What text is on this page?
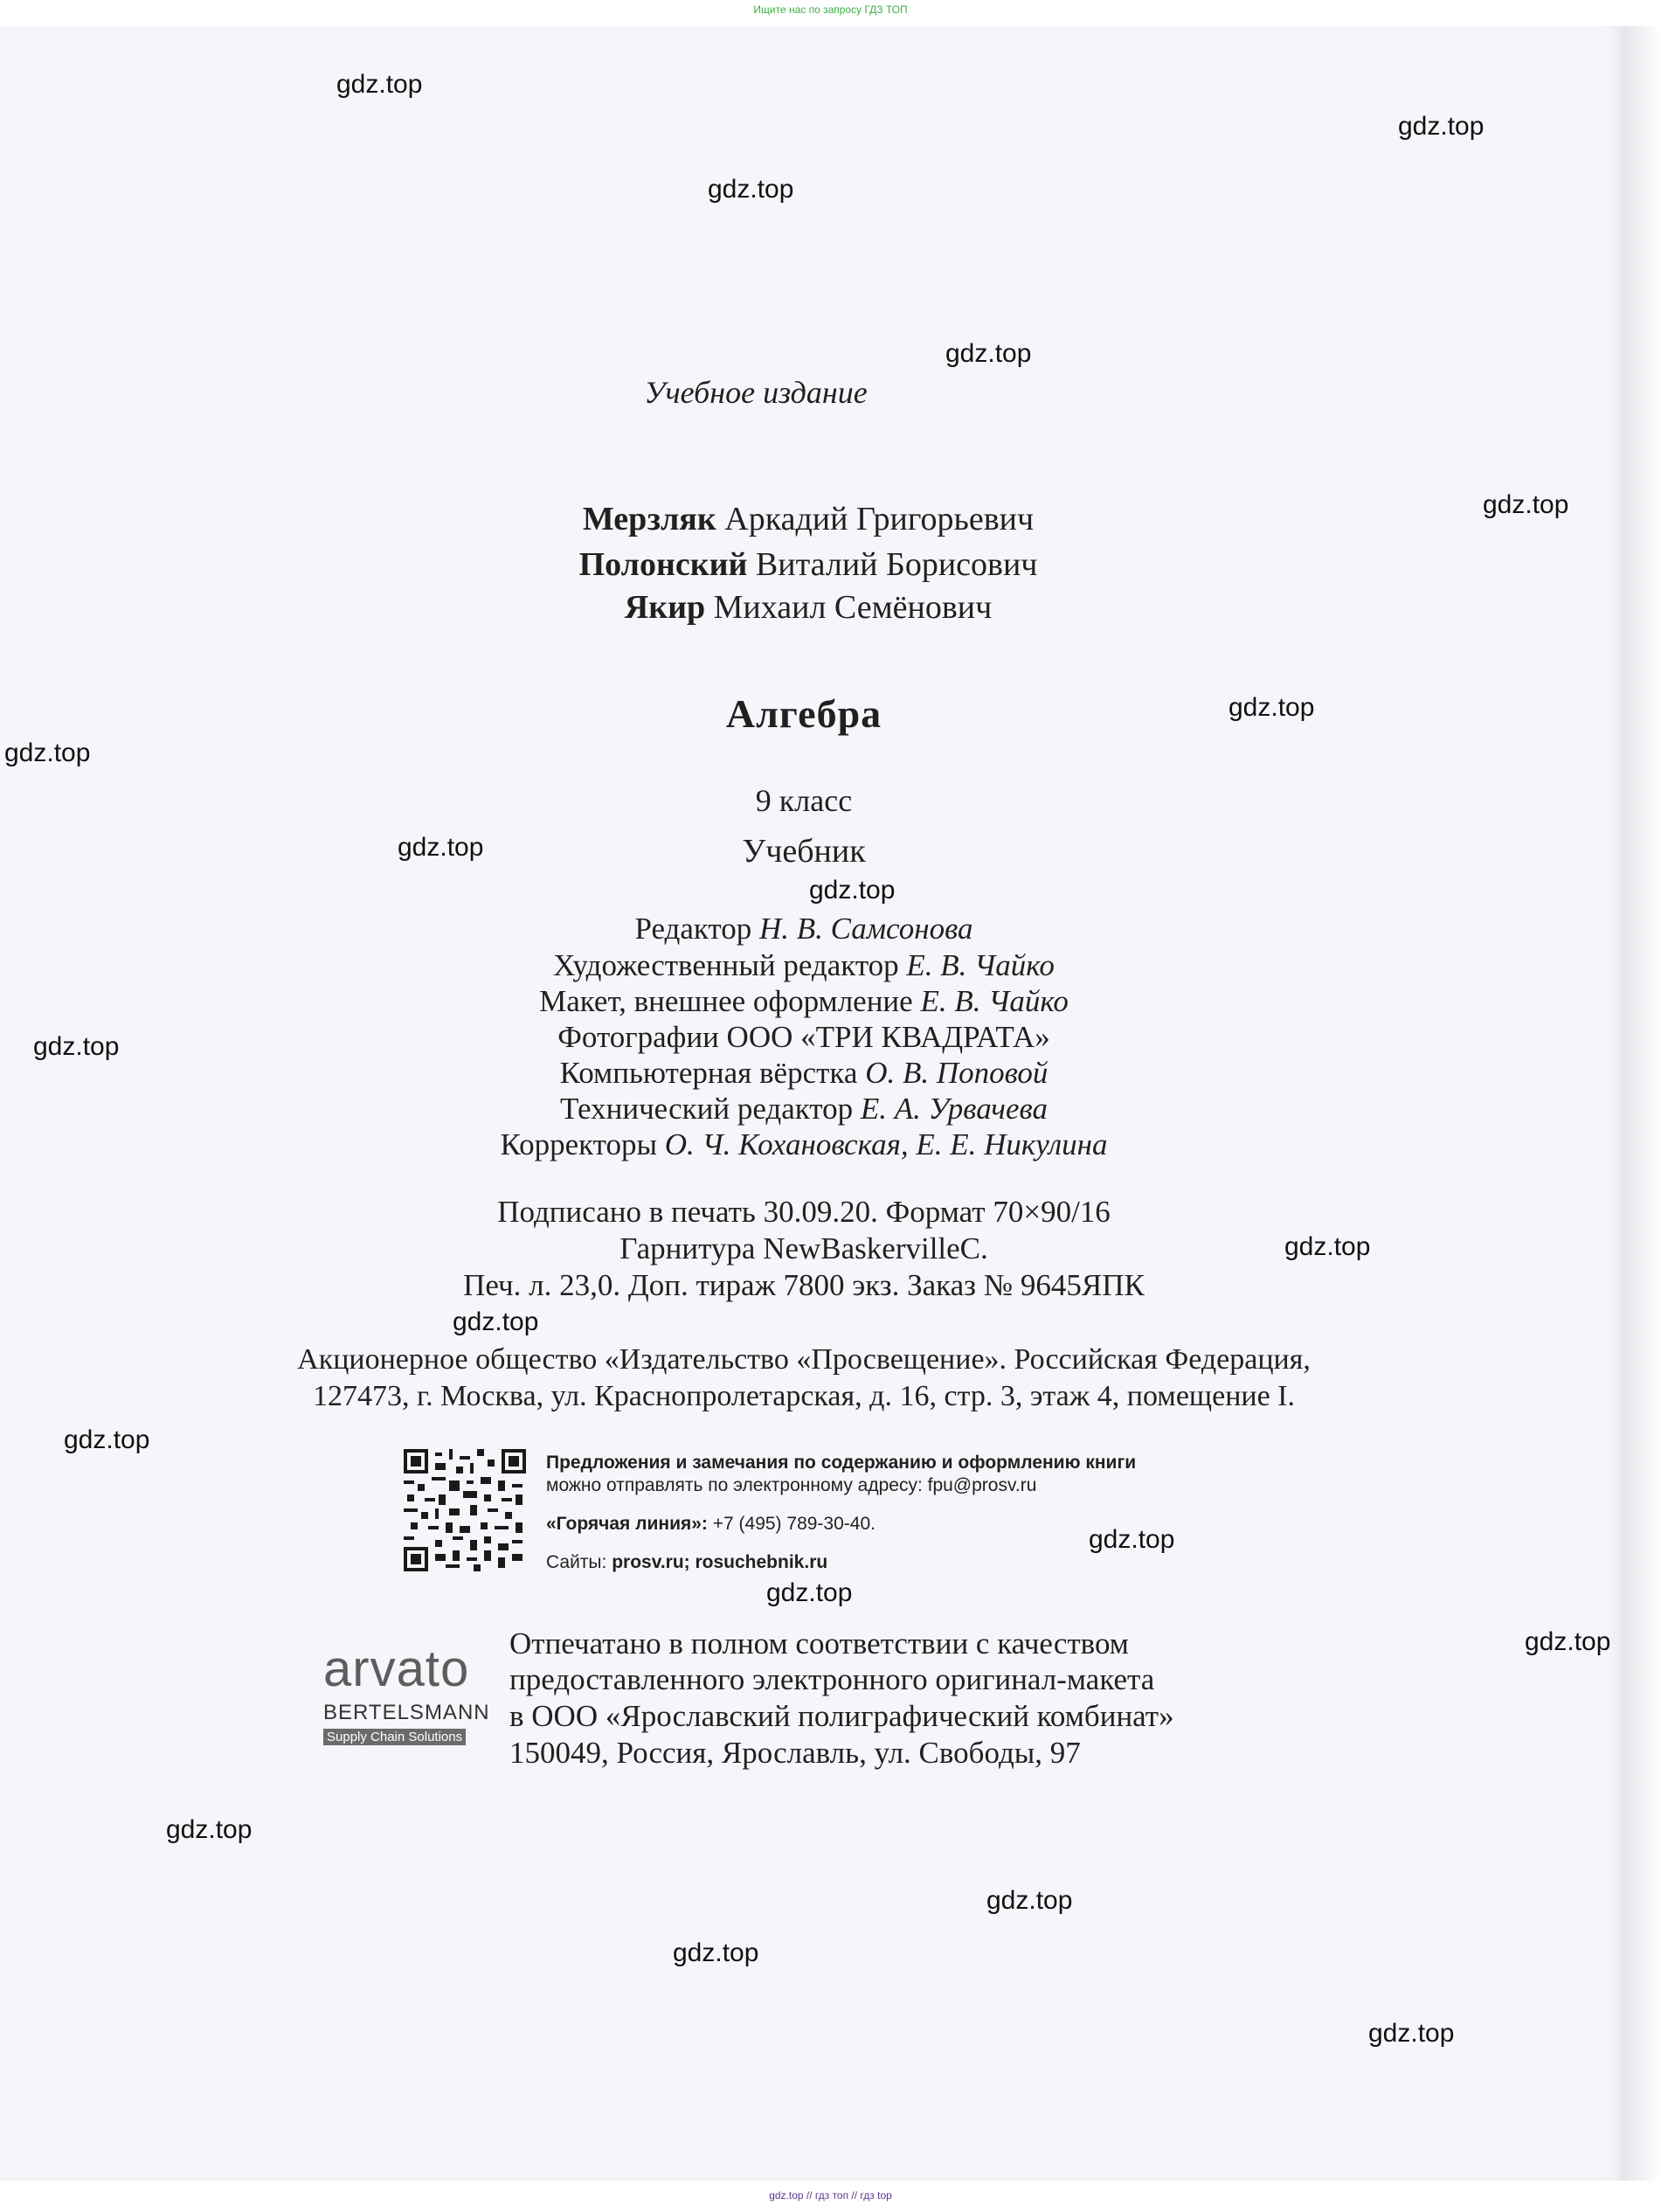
Ищите нас по запросу ГДЗ ТОП
gdz.top // гдз топ // гдз top
gdz.top
gdz.top
gdz.top
gdz.top
gdz.top
gdz.top
gdz.top
gdz.top
gdz.top
gdz.top
gdz.top
gdz.top
gdz.top
gdz.top
gdz.top
gdz.top
gdz.top
gdz.top
gdz.top
gdz.top
Учебное издание
Мерзляк Аркадий Григорьевич
Полонский Виталий Борисович
Якир Михаил Семёнович
Алгебра
9 класс
Учебник
Редактор Н. В. Самсонова
Художественный редактор Е. В. Чайко
Макет, внешнее оформление Е. В. Чайко
Фотографии ООО «ТРИ КВАДРАТА»
Компьютерная вёрстка О. В. Поповой
Технический редактор Е. А. Урвачева
Корректоры О. Ч. Кохановская, Е. Е. Никулина
Подписано в печать 30.09.20. Формат 70×90/16
Гарнитура NewBaskervilleC.
Печ. л. 23,0. Доп. тираж 7800 экз. Заказ № 9645ЯПК
Акционерное общество «Издательство «Просвещение». Российская Федерация,
127473, г. Москва, ул. Краснопролетарская, д. 16, стр. 3, этаж 4, помещение I.
Предложения и замечания по содержанию и оформлению книги
можно отправлять по электронному адресу: fpu@prosv.ru
«Горячая линия»: +7 (495) 789-30-40.
Сайты: prosv.ru; rosuchebnik.ru
arvato
BERTELSMANN
Supply Chain Solutions
Отпечатано в полном соответствии с качеством
предоставленного электронного оригинал-макета
в ООО «Ярославский полиграфический комбинат»
150049, Россия, Ярославль, ул. Свободы, 97
